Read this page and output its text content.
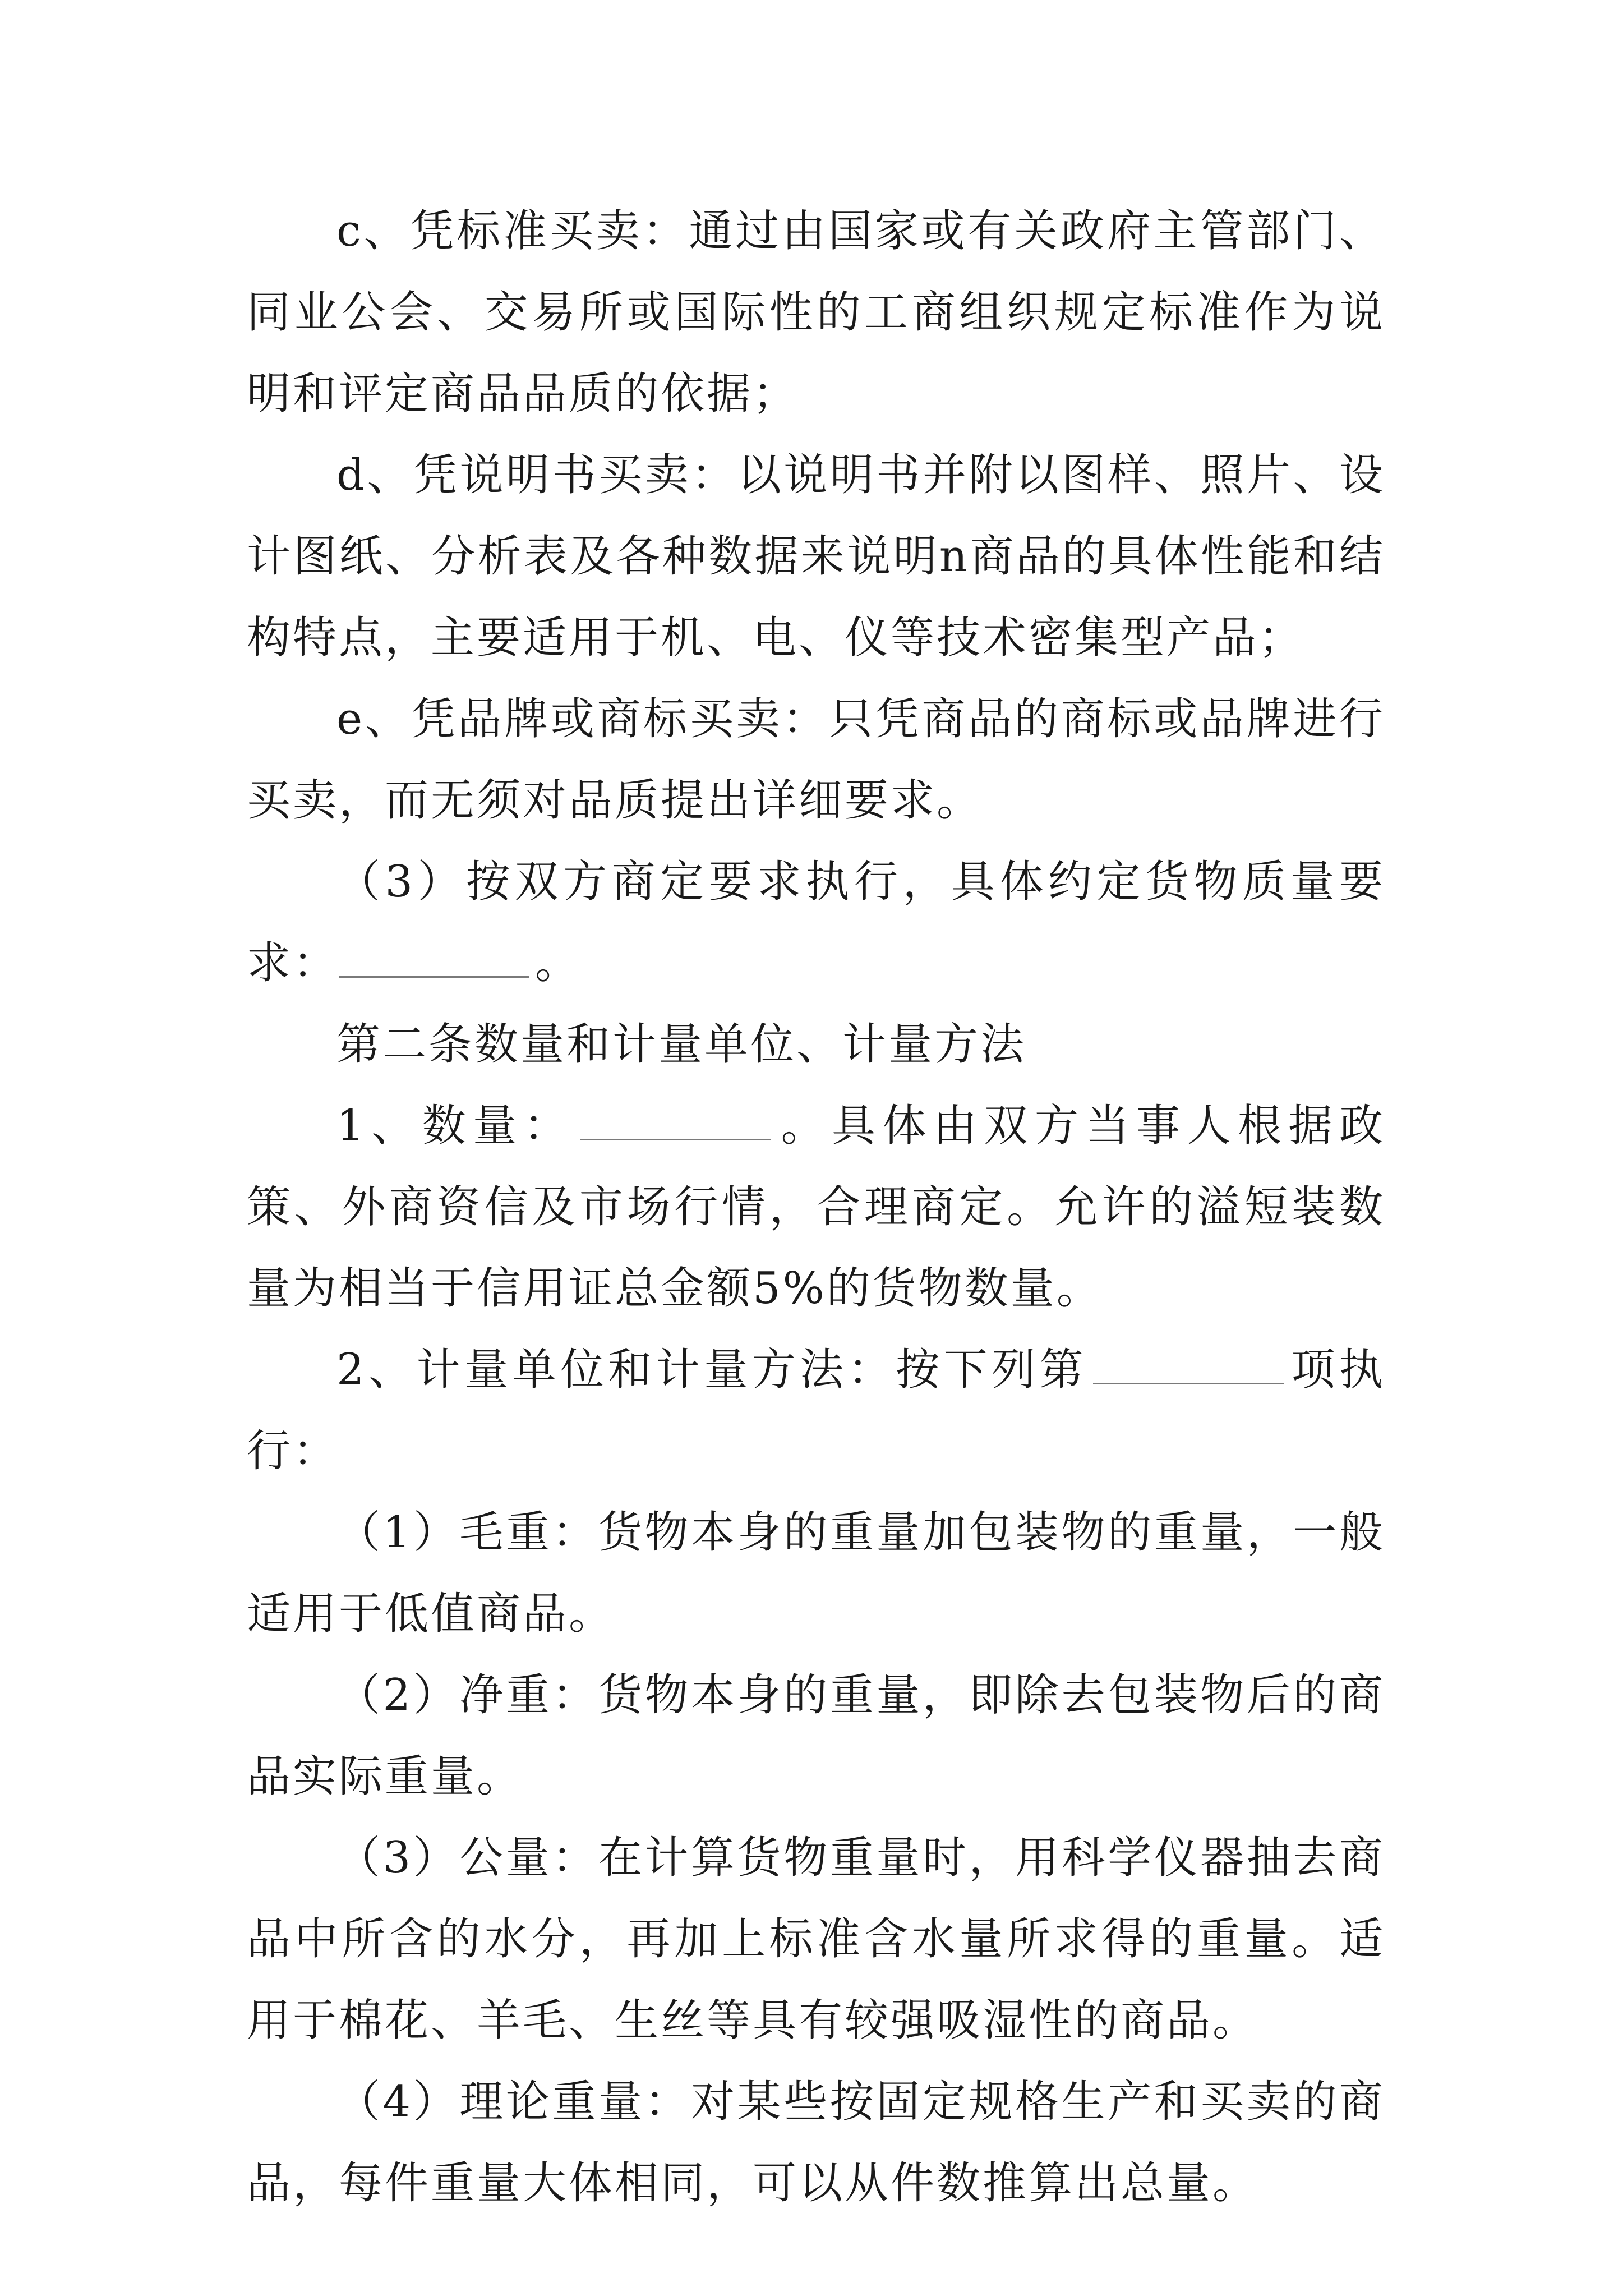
c、凭标准买卖：通过由国家或有关政府主管部门、同业公会、交易所或国际性的工商组织规定标准作为说明和评定商品品质的依据；

d、凭说明书买卖：以说明书并附以图样、照片、设计图纸、分析表及各种数据来说明n商品的具体性能和结构特点，主要适用于机、电、仪等技术密集型产品；

e、凭品牌或商标买卖：只凭商品的商标或品牌进行买卖，而无须对品质提出详细要求。

（3）按双方商定要求执行，具体约定货物质量要求：	。

第二条数量和计量单位、计量方法

1、数量：	。具体由双方当事人根据政策、外商资信及市场行情，合理商定。允许的溢短装数量为相当于信用证总金额5%的货物数量。

2、计量单位和计量方法：按下列第	项执行：

（1）毛重：货物本身的重量加包装物的重量，一般适用于低值商品。

（2）净重：货物本身的重量，即除去包装物后的商品实际重量。

（3）公量：在计算货物重量时，用科学仪器抽去商品中所含的水分，再加上标准含水量所求得的重量。适用于棉花、羊毛、生丝等具有较强吸湿性的商品。

（4）理论重量：对某些按固定规格生产和买卖的商品，每件重量大体相同，可以从件数推算出总量。
